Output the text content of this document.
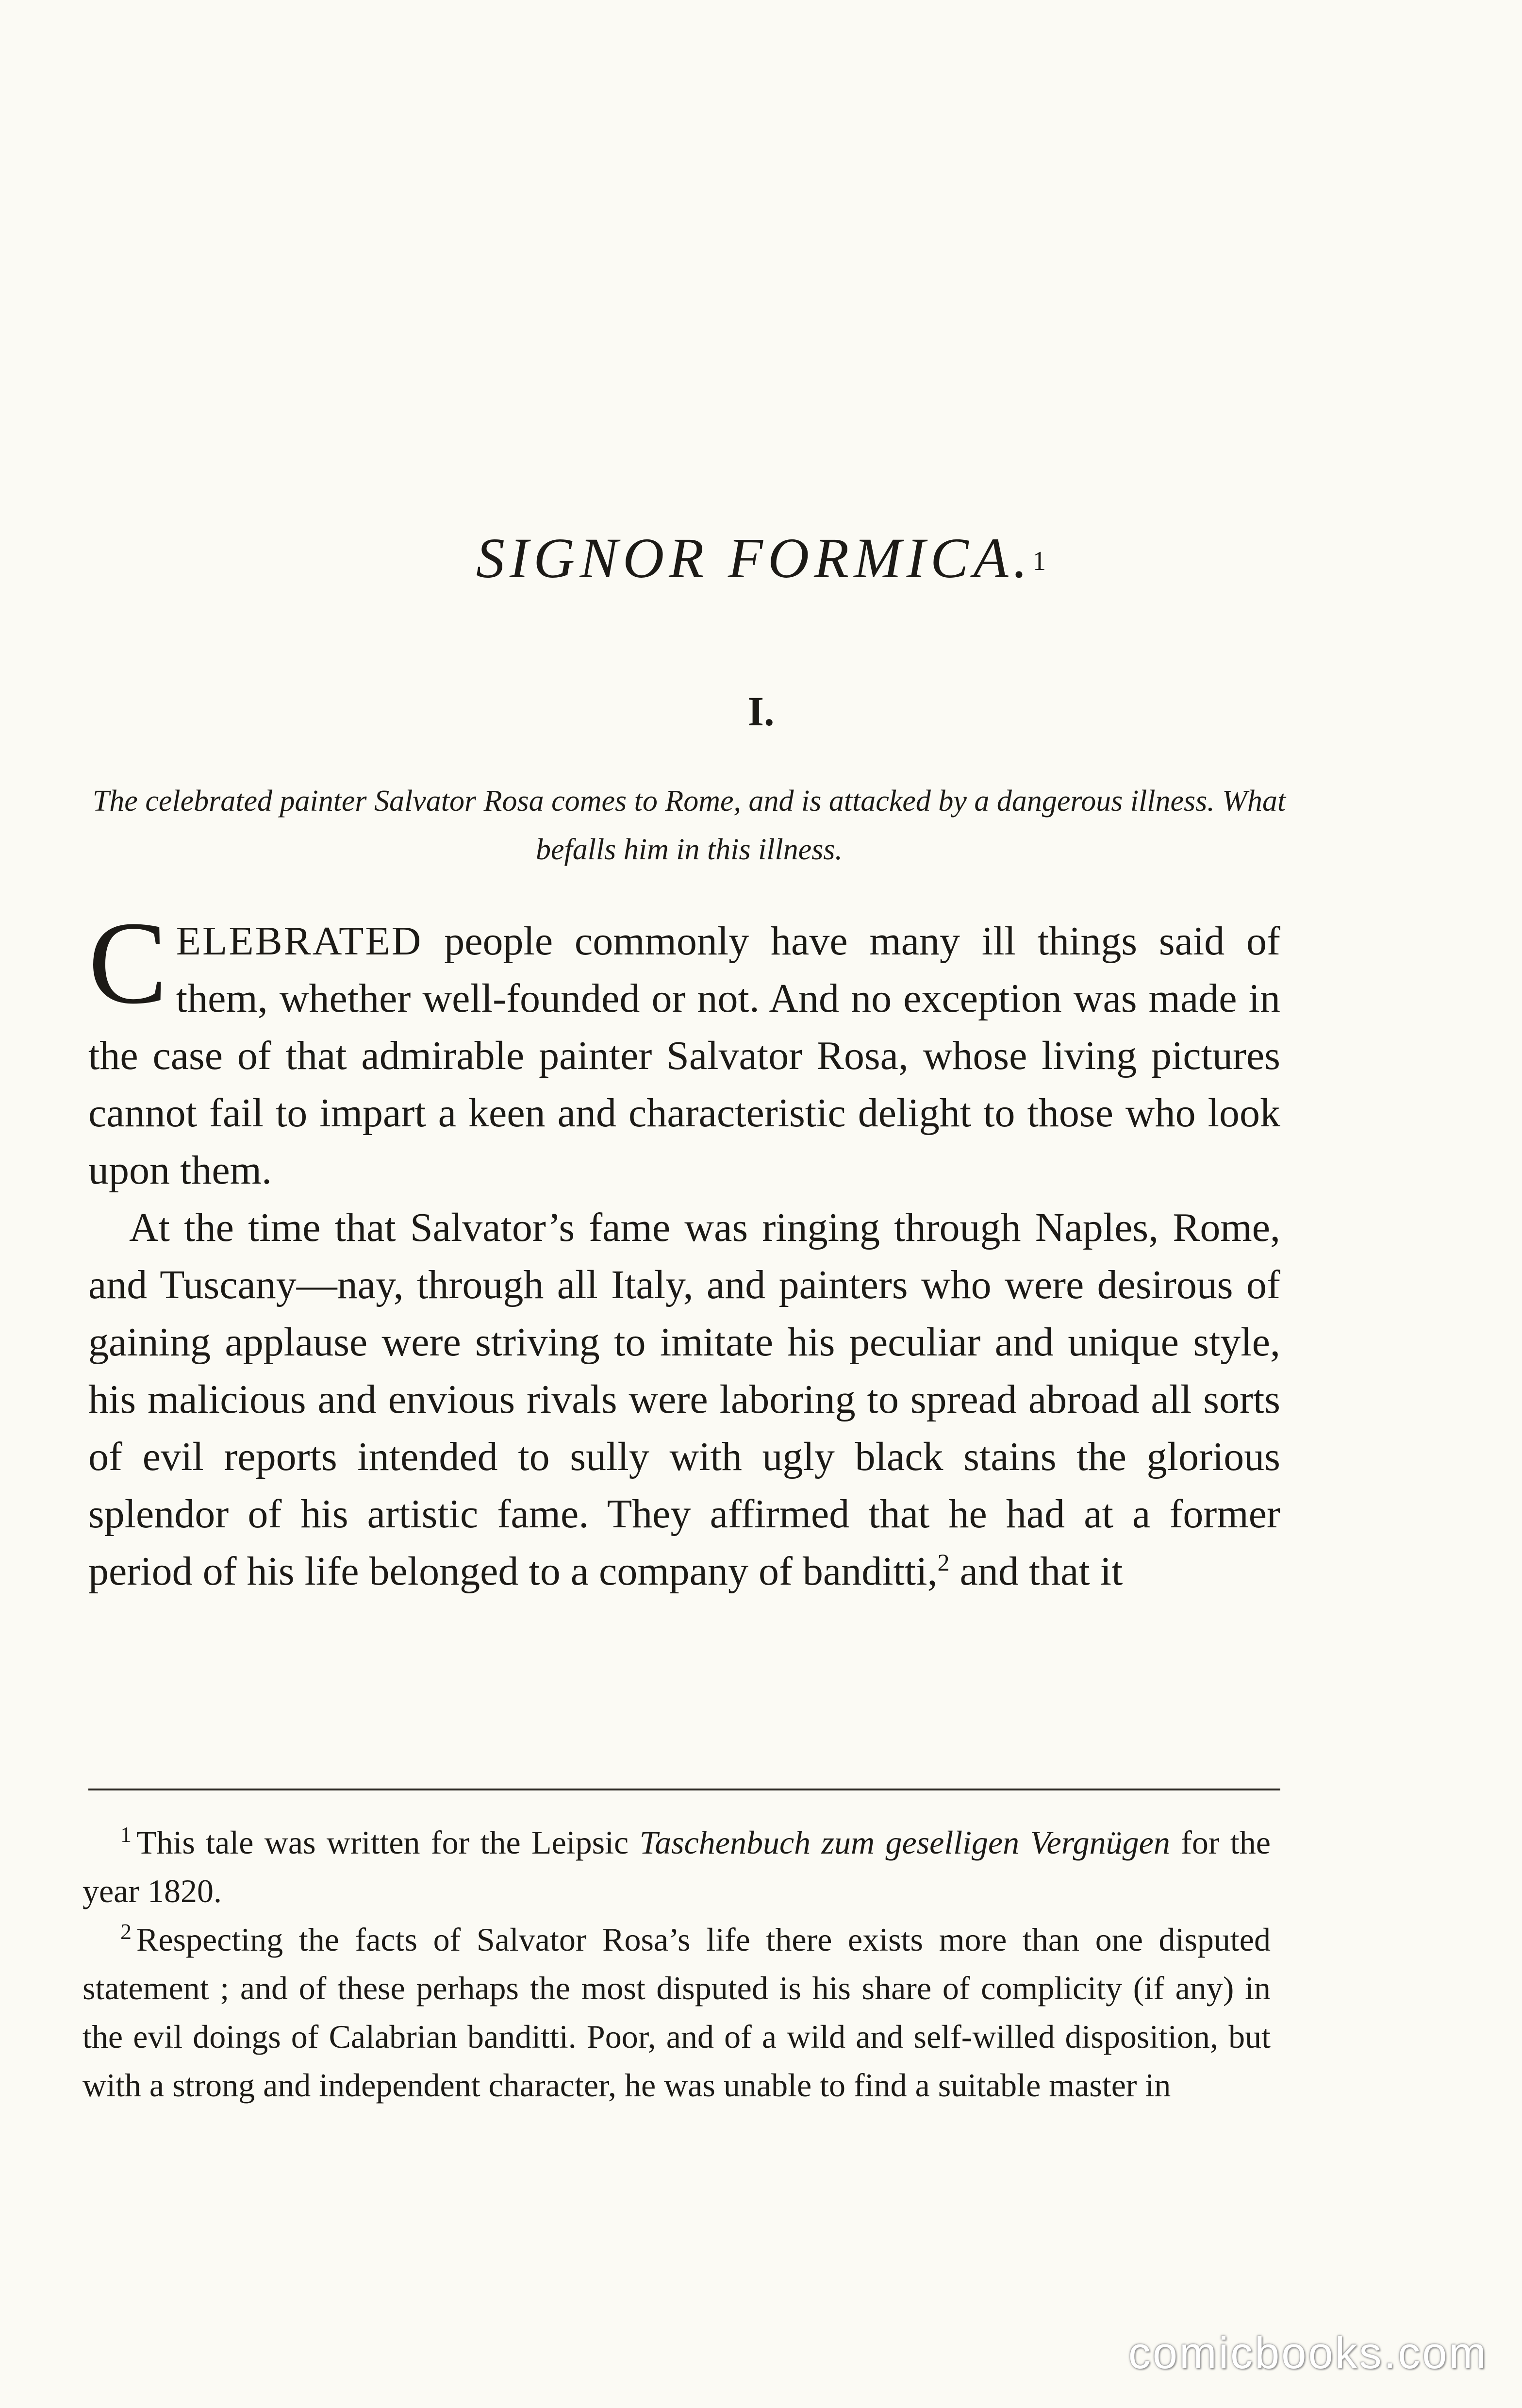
SIGNOR FORMICA.$^1$
I.
The celebrated painter Salvator Rosa comes to Rome, and is attacked by a dangerous illness. What befalls him in this illness.

CELEBRATED people commonly have many ill things said of them, whether well-founded or not. And no exception was made in the case of that admirable painter Salvator Rosa, whose living pictures cannot fail to impart a keen and characteristic delight to those who look upon them.

At the time that Salvator’s fame was ringing through Naples, Rome, and Tuscany—nay, through all Italy, and painters who were desirous of gaining applause were striving to imitate his peculiar and unique style, his malicious and envious rivals were laboring to spread abroad all sorts of evil reports intended to sully with ugly black stains the glorious splendor of his artistic fame. They affirmed that he had at a former period of his life belonged to a company of banditti,$^2$ and that it

$^1$ This tale was written for the Leipsic Taschenbuch zum geselligen Vergnügen for the year 1820.

$^2$ Respecting the facts of Salvator Rosa’s life there exists more than one disputed statement ; and of these perhaps the most disputed is his share of complicity (if any) in the evil doings of Calabrian banditti. Poor, and of a wild and self-willed disposition, but with a strong and independent character, he was unable to find a suitable master in

comicbooks.com
